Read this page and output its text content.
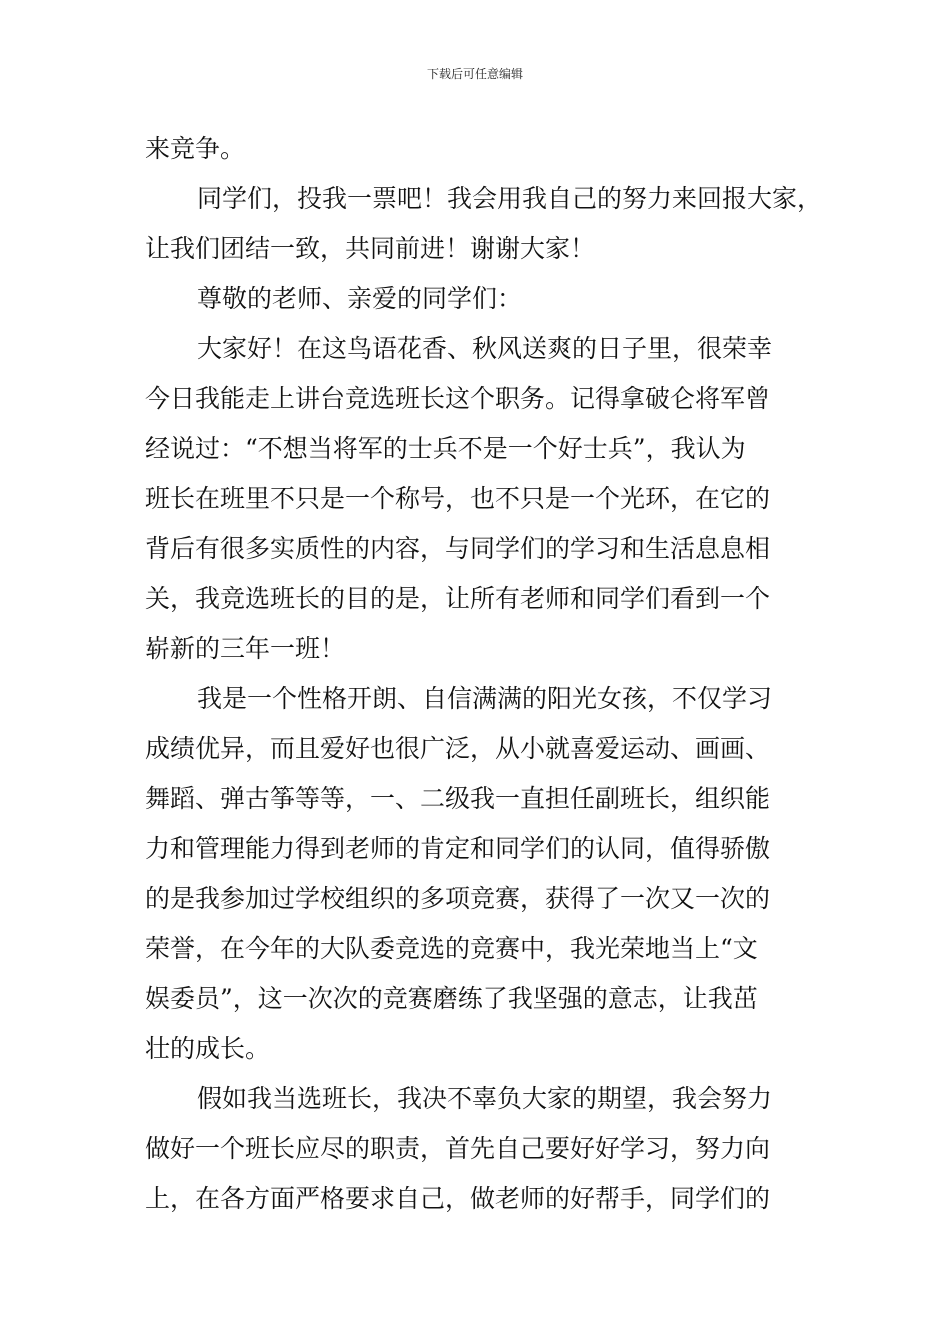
下载后可任意编辑
来竞争。
同学们，投我一票吧！我会用我自己的努力来回报大家，
让我们团结一致，共同前进！谢谢大家！
尊敬的老师、亲爱的同学们：
大家好！在这鸟语花香、秋风送爽的日子里，很荣幸
今日我能走上讲台竞选班长这个职务。记得拿破仑将军曾
经说过：“不想当将军的士兵不是一个好士兵”，我认为
班长在班里不只是一个称号，也不只是一个光环，在它的
背后有很多实质性的内容，与同学们的学习和生活息息相
关，我竞选班长的目的是，让所有老师和同学们看到一个
崭新的三年一班！
我是一个性格开朗、自信满满的阳光女孩，不仅学习
成绩优异，而且爱好也很广泛，从小就喜爱运动、画画、
舞蹈、弹古筝等等，一、二级我一直担任副班长，组织能
力和管理能力得到老师的肯定和同学们的认同，值得骄傲
的是我参加过学校组织的多项竞赛，获得了一次又一次的
荣誉，在今年的大队委竞选的竞赛中，我光荣地当上“文
娱委员”，这一次次的竞赛磨练了我坚强的意志，让我茁
壮的成长。
假如我当选班长，我决不辜负大家的期望，我会努力
做好一个班长应尽的职责，首先自己要好好学习，努力向
上，在各方面严格要求自己，做老师的好帮手，同学们的
